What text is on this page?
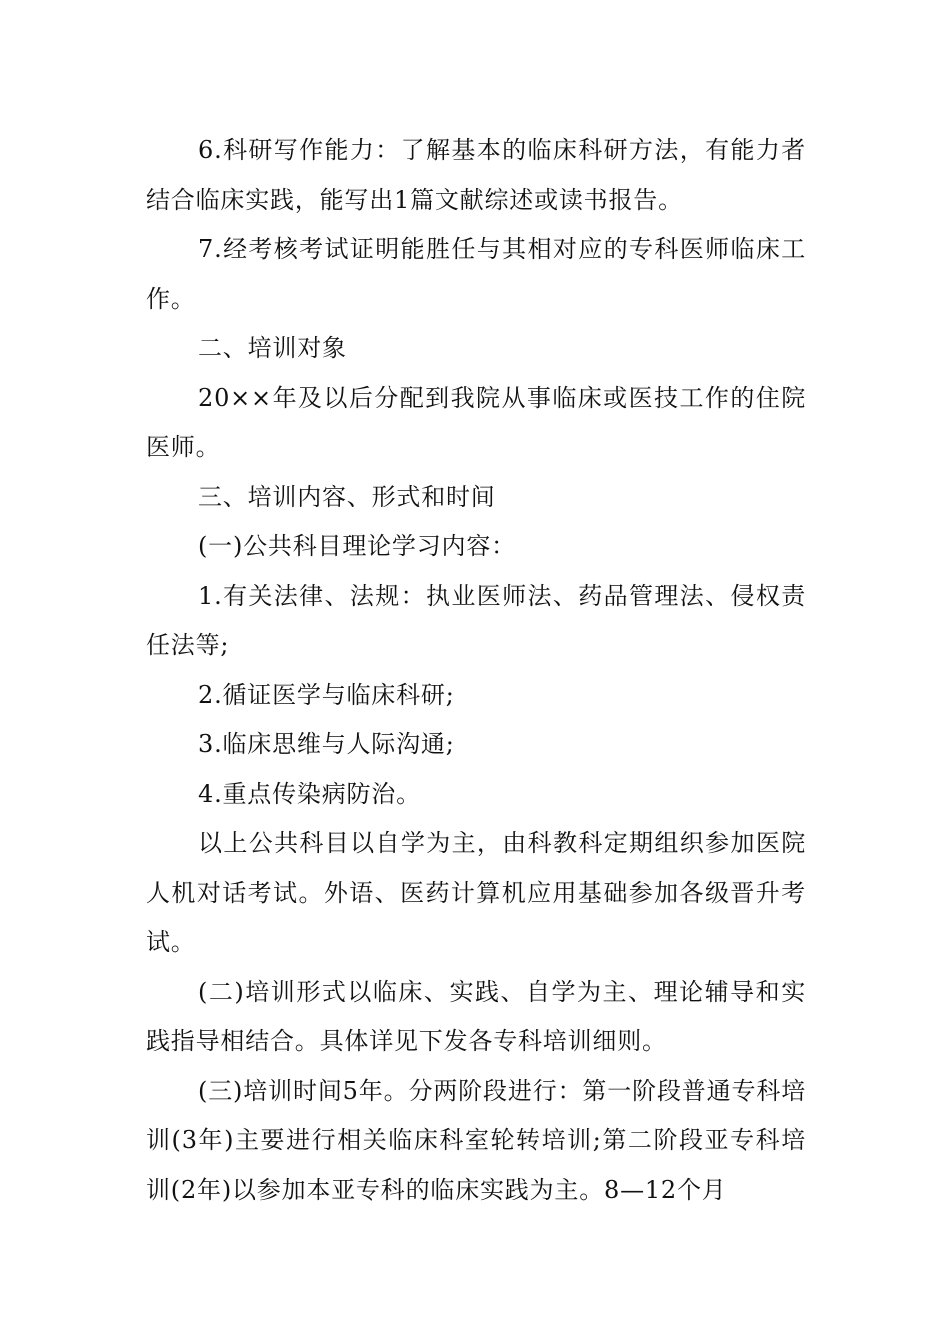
6.科研写作能力：了解基本的临床科研方法，有能力者结合临床实践，能写出1篇文献综述或读书报告。

7.经考核考试证明能胜任与其相对应的专科医师临床工作。

二、培训对象

20××年及以后分配到我院从事临床或医技工作的住院医师。

三、培训内容、形式和时间

(一)公共科目理论学习内容：

1.有关法律、法规：执业医师法、药品管理法、侵权责任法等;

2.循证医学与临床科研;

3.临床思维与人际沟通;

4.重点传染病防治。

以上公共科目以自学为主，由科教科定期组织参加医院人机对话考试。外语、医药计算机应用基础参加各级晋升考试。

(二)培训形式以临床、实践、自学为主、理论辅导和实践指导相结合。具体详见下发各专科培训细则。

(三)培训时间5年。分两阶段进行：第一阶段普通专科培训(3年)主要进行相关临床科室轮转培训;第二阶段亚专科培训(2年)以参加本亚专科的临床实践为主。8—12个月
